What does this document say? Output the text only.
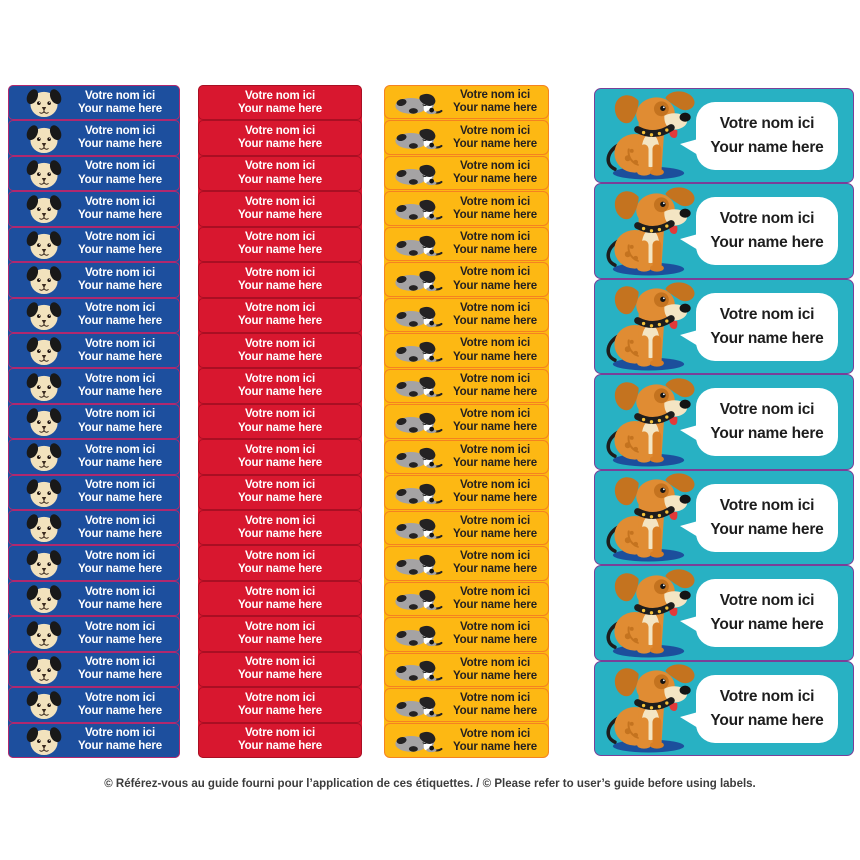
Votre nom ici
Your name here
Votre nom ici
Your name here
Votre nom ici
Your name here
Votre nom ici
Your name here
Votre nom ici
Your name here
Votre nom ici
Your name here
Votre nom ici
Your name here
Votre nom ici
Your name here
Votre nom ici
Your name here
Votre nom ici
Your name here
Votre nom ici
Your name here
Votre nom ici
Your name here
Votre nom ici
Your name here
Votre nom ici
Your name here
Votre nom ici
Your name here
Votre nom ici
Your name here
Votre nom ici
Your name here
Votre nom ici
Your name here
Votre nom ici
Your name here
Votre nom ici
Your name here
Votre nom ici
Your name here
Votre nom ici
Your name here
Votre nom ici
Your name here
Votre nom ici
Your name here
Votre nom ici
Your name here
Votre nom ici
Your name here
Votre nom ici
Your name here
Votre nom ici
Your name here
Votre nom ici
Your name here
Votre nom ici
Your name here
Votre nom ici
Your name here
Votre nom ici
Your name here
Votre nom ici
Your name here
Votre nom ici
Your name here
Votre nom ici
Your name here
Votre nom ici
Your name here
Votre nom ici
Your name here
Votre nom ici
Your name here
Votre nom ici
Your name here
Votre nom ici
Your name here
Votre nom ici
Your name here
Votre nom ici
Your name here
Votre nom ici
Your name here
Votre nom ici
Your name here
Votre nom ici
Your name here
Votre nom ici
Your name here
Votre nom ici
Your name here
Votre nom ici
Your name here
Votre nom ici
Your name here
Votre nom ici
Your name here
Votre nom ici
Your name here
Votre nom ici
Your name here
Votre nom ici
Your name here
Votre nom ici
Your name here
Votre nom ici
Your name here
Votre nom ici
Your name here
Votre nom ici
Your name here
Votre nom ici
Your name here
Votre nom ici
Your name here
Votre nom ici
Your name here
Votre nom ici
Your name here
Votre nom ici
Your name here
Votre nom ici
Your name here
Votre nom ici
Your name here
© Référez-vous au guide fourni pour l’application de ces étiquettes. / © Please refer to user’s guide before using labels.
